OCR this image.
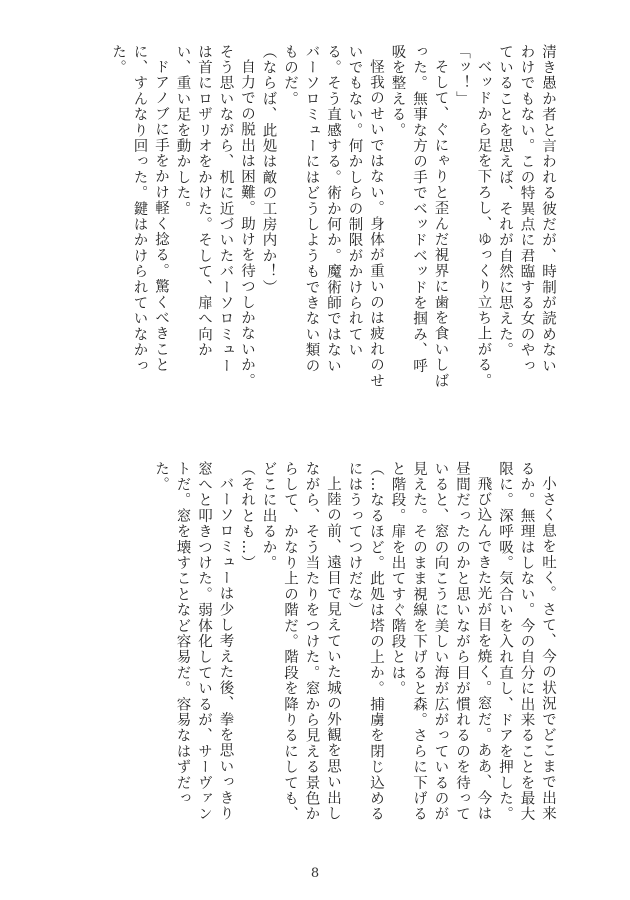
清き愚か者と言われる彼だが、時制が読めないわけでもない。この特異点に君臨する女のやっていることを思えば、それが自然に思えた。
ベッドから足を下ろし、ゆっくり立ち上がる。
「ッ！」
そして、ぐにゃりと歪んだ視界に歯を食いしばった。無事な方の手でベッドベッドを掴み、呼吸を整える。
怪我のせいではない。身体が重いのは疲れのせいでもない。何かしらの制限がかけられている。そう直感する。術か何か。魔術師ではないバーソロミューにはどうしようもできない類のものだ。
（ならば、此処は敵の工房内か！）
自力での脱出は困難。助けを待つしかないか。そう思いながら、机に近づいたバーソロミューは首にロザリオをかけた。そして、扉へ向かい、重い足を動かした。
ドアノブに手をかけ軽く捻る。驚くべきことに、すんなり回った。鍵はかけられていなかった。
小さく息を吐く。さて、今の状況でどこまで出来るか。無理はしない。今の自分に出来ることを最大限に。深呼吸。気合いを入れ直し、ドアを押した。
飛び込んできた光が目を焼く。窓だ。ああ、今は昼間だったのかと思いながら目が慣れるのを待っていると、窓の向こうに美しい海が広がっているのが見えた。そのまま視線を下げると森。さらに下げると階段。扉を出てすぐ階段とは。
（…なるほど。此処は塔の上か。捕虜を閉じ込めるにはうってつけだな）
上陸の前、遠目で見えていた城の外観を思い出しながら、そう当たりをつけた。窓から見える景色からして、かなり上の階だ。階段を降りるにしても、どこに出るか。
（それとも…）
バーソロミューは少し考えた後、拳を思いっきり窓へと叩きつけた。弱体化しているが、サーヴァントだ。窓を壊すことなど容易だ。容易なはずだった。
8
